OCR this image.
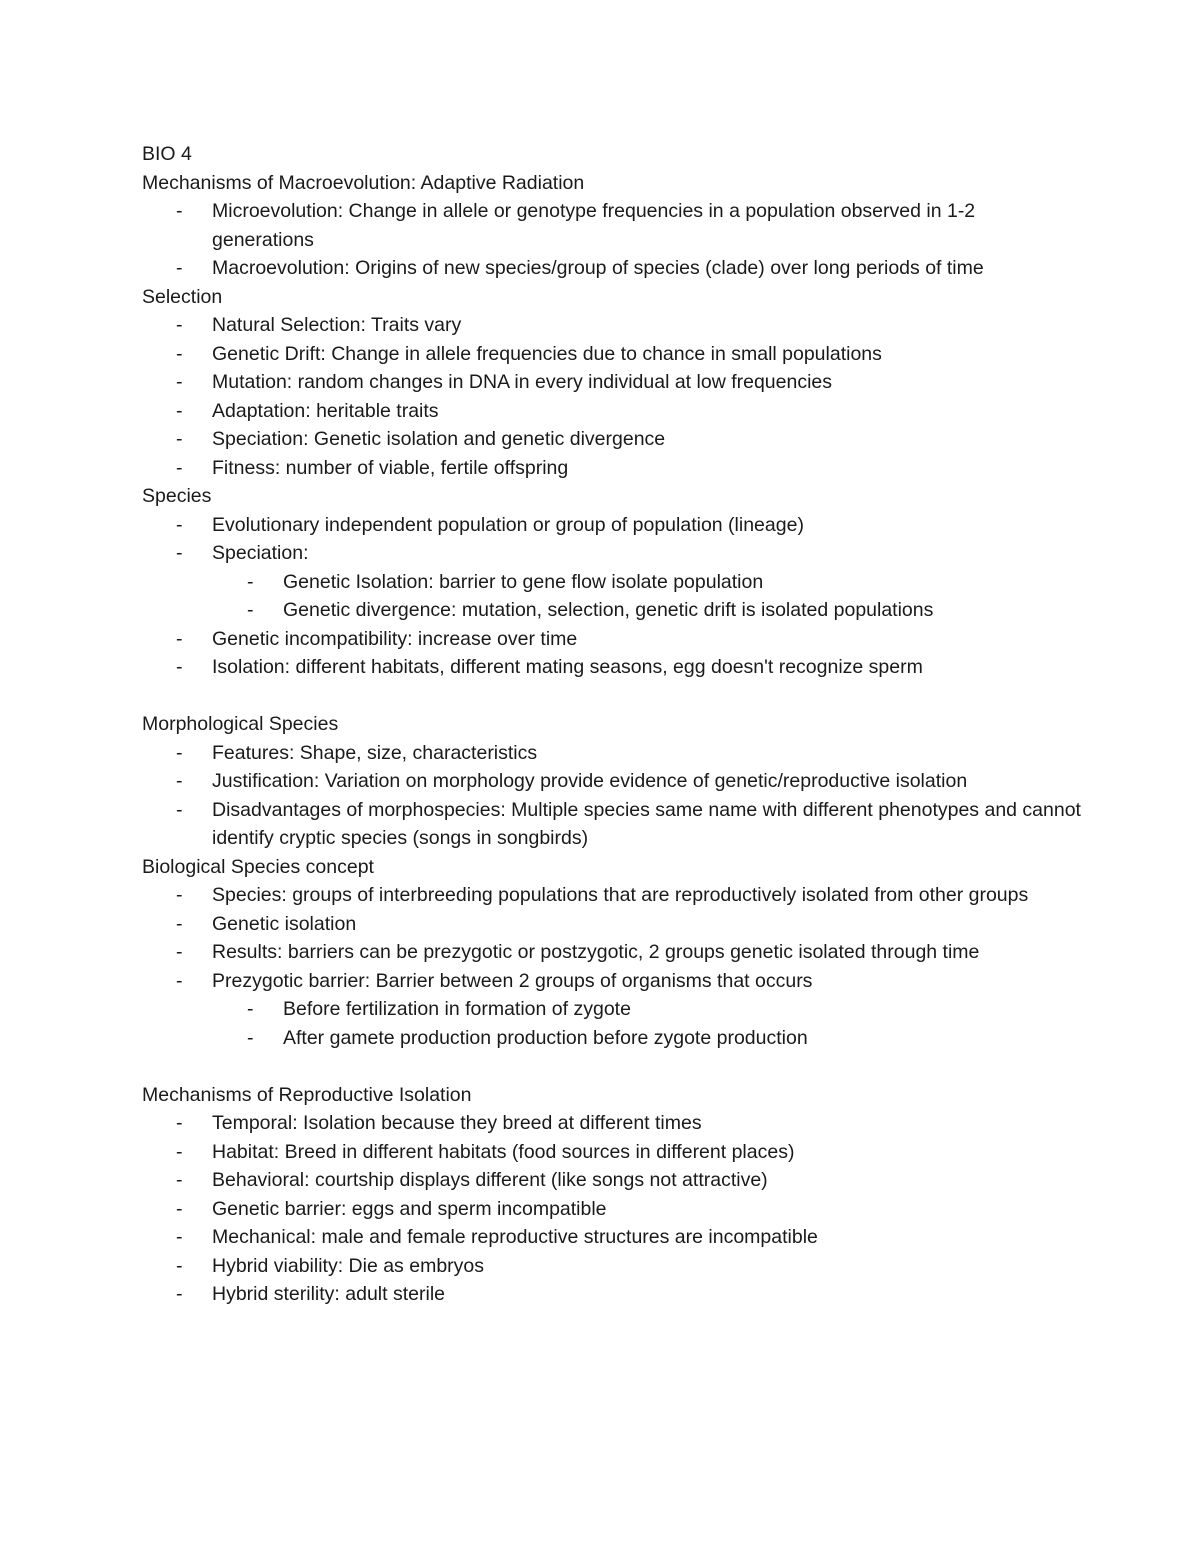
BIO 4
Mechanisms of Macroevolution: Adaptive Radiation
- Microevolution: Change in allele or genotype frequencies in a population observed in 1-2 generations
- Macroevolution: Origins of new species/group of species (clade) over long periods of time
Selection
- Natural Selection: Traits vary
- Genetic Drift: Change in allele frequencies due to chance in small populations
- Mutation: random changes in DNA in every individual at low frequencies
- Adaptation: heritable traits
- Speciation: Genetic isolation and genetic divergence
- Fitness: number of viable, fertile offspring
Species
- Evolutionary independent population or group of population (lineage)
- Speciation:
- Genetic Isolation: barrier to gene flow isolate population
- Genetic divergence: mutation, selection, genetic drift is isolated populations
- Genetic incompatibility: increase over time
- Isolation: different habitats, different mating seasons, egg doesn't recognize sperm
Morphological Species
- Features: Shape, size, characteristics
- Justification: Variation on morphology provide evidence of genetic/reproductive isolation
- Disadvantages of morphospecies: Multiple species same name with different phenotypes and cannot identify cryptic species (songs in songbirds)
Biological Species concept
- Species: groups of interbreeding populations that are reproductively isolated from other groups
- Genetic isolation
- Results: barriers can be prezygotic or postzygotic, 2 groups genetic isolated through time
- Prezygotic barrier: Barrier between 2 groups of organisms that occurs
- Before fertilization in formation of zygote
- After gamete production production before zygote production
Mechanisms of Reproductive Isolation
- Temporal: Isolation because they breed at different times
- Habitat: Breed in different habitats (food sources in different places)
- Behavioral: courtship displays different (like songs not attractive)
- Genetic barrier: eggs and sperm incompatible
- Mechanical: male and female reproductive structures are incompatible
- Hybrid viability: Die as embryos
- Hybrid sterility: adult sterile
